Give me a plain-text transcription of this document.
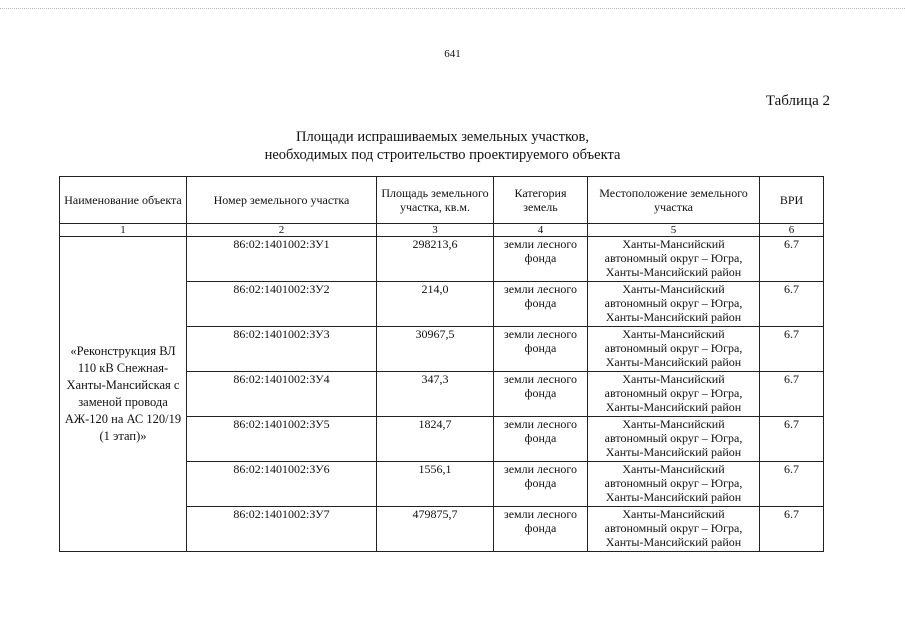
641
Таблица 2
Площади испрашиваемых земельных участков,
необходимых под строительство проектируемого объекта
Наименование объекта	Номер земельного участка	Площадь земельного участка, кв.м.	Категория земель	Местоположение земельного участка	ВРИ
1	2	3	4	5	6
«Реконструкция ВЛ 110 кВ Снежная-Ханты-Мансийская с заменой провода АЖ-120 на АС 120/19 (1 этап)»	86:02:1401002:ЗУ1	298213,6	земли лесного фонда	Ханты-Мансийский автономный округ – Югра, Ханты-Мансийский район	6.7
	86:02:1401002:ЗУ2	214,0	земли лесного фонда	Ханты-Мансийский автономный округ – Югра, Ханты-Мансийский район	6.7
	86:02:1401002:ЗУ3	30967,5	земли лесного фонда	Ханты-Мансийский автономный округ – Югра, Ханты-Мансийский район	6.7
	86:02:1401002:ЗУ4	347,3	земли лесного фонда	Ханты-Мансийский автономный округ – Югра, Ханты-Мансийский район	6.7
	86:02:1401002:ЗУ5	1824,7	земли лесного фонда	Ханты-Мансийский автономный округ – Югра, Ханты-Мансийский район	6.7
	86:02:1401002:ЗУ6	1556,1	земли лесного фонда	Ханты-Мансийский автономный округ – Югра, Ханты-Мансийский район	6.7
	86:02:1401002:ЗУ7	479875,7	земли лесного фонда	Ханты-Мансийский автономный округ – Югра, Ханты-Мансийский район	6.7
